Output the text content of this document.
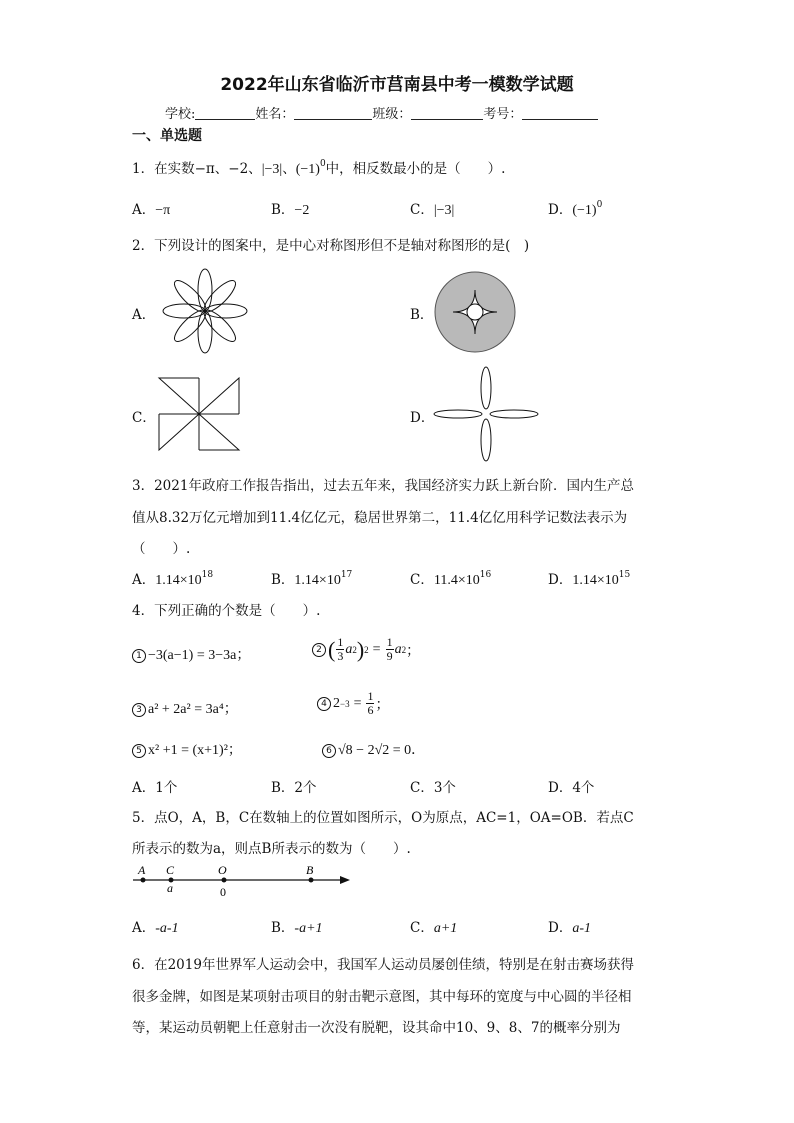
2022年山东省临沂市莒南县中考一模数学试题
学校:	姓名：	班级：	考号：
一、单选题
1．在实数−π、−2、|−3|、$(-1)^0$中，相反数最小的是（　　）.
A．−π	B．−2	C．|−3|	D．$(-1)^0$
2．下列设计的图案中，是中心对称图形但不是轴对称图形的是(　)
A．	B．
C．	D．
3．2021年政府工作报告指出，过去五年来，我国经济实力跃上新台阶．国内生产总
值从8.32万亿元增加到11.4亿亿元，稳居世界第二，11.4亿亿用科学记数法表示为
（　　）.
A．$1.14\times 10^{18}$	B．$1.14\times 10^{17}$	C．$11.4\times 10^{16}$	D．$1.14\times 10^{15}$
4．下列正确的个数是（　　）.
1 −3(a−1) = 3−3a；	2 ( $\frac{1}{3}$ a 2 ) $2 = \frac{1}{9}$ a 2 ；
3 a² + 2a² = 3a⁴；	4 $2 -3 = \frac{1}{6}$ ；
5 x² +1 = (x+1)²；	6 √8 − 2√2 = 0．
A．1个	B．2个	C．3个	D．4个
5．点O，A，B，C在数轴上的位置如图所示，O为原点，AC=1，OA=OB．若点C
所表示的数为a，则点B所表示的数为（　　）.
A C	O	B
a	0
A．-a-1	B．-a+1	C．a+1	D．a-1
6．在2019年世界军人运动会中，我国军人运动员屡创佳绩，特别是在射击赛场获得
很多金牌，如图是某项射击项目的射击靶示意图，其中每环的宽度与中心圆的半径相
等，某运动员朝靶上任意射击一次没有脱靶，设其命中10、9、8、7的概率分别为
